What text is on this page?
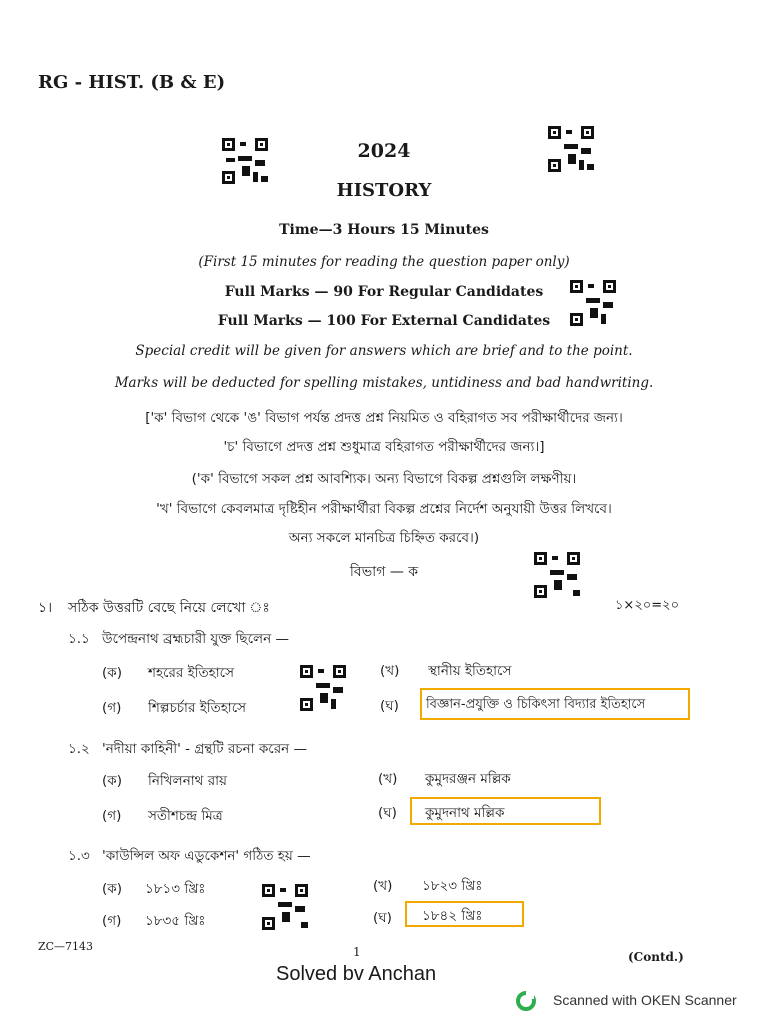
RG - HIST. (B & E)
2024
HISTORY
Time—3 Hours 15 Minutes
(First 15 minutes for reading the question paper only)
Full Marks — 90 For Regular Candidates
Full Marks — 100 For External Candidates
Special credit will be given for answers which are brief and to the point.
Marks will be deducted for spelling mistakes, untidiness and bad handwriting.
['ক' বিভাগ থেকে 'ঙ' বিভাগ পর্যন্ত প্রদত্ত প্রশ্ন নিয়মিত ও বহিরাগত সব পরীক্ষার্থীদের জন্য।
'চ' বিভাগে প্রদত্ত প্রশ্ন শুধুমাত্র বহিরাগত পরীক্ষার্থীদের জন্য।]
('ক' বিভাগে সকল প্রশ্ন আবশ্যিক। অন্য বিভাগে বিকল্প প্রশ্নগুলি লক্ষণীয়।
'খ' বিভাগে কেবলমাত্র দৃষ্টিহীন পরীক্ষার্থীরা বিকল্প প্রশ্নের নির্দেশ অনুযায়ী উত্তর লিখবে।
অন্য সকলে মানচিত্র চিহ্নিত করবে।)
বিভাগ — ক
১। সঠিক উত্তরটি বেছে নিয়ে লেখো ঃ	১×২০=২০
১.১ উপেন্দ্রনাথ ব্রহ্মচারী যুক্ত ছিলেন —
(ক) শহরের ইতিহাসে	(খ) স্থানীয় ইতিহাসে
(গ) শিল্পচর্চার ইতিহাসে	(ঘ) বিজ্ঞান-প্রযুক্তি ও চিকিৎসা বিদ্যার ইতিহাসে
১.২ 'নদীয়া কাহিনী' - গ্রন্থটি রচনা করেন —
(ক) নিখিলনাথ রায়	(খ) কুমুদরঞ্জন মল্লিক
(গ) সতীশচন্দ্র মিত্র	(ঘ) কুমুদনাথ মল্লিক
১.৩ 'কাউন্সিল অফ এডুকেশন' গঠিত হয় —
(ক) ১৮১৩ খ্রিঃ	(খ) ১৮২৩ খ্রিঃ
(গ) ১৮৩৫ খ্রিঃ	(ঘ) ১৮৪২ খ্রিঃ
ZC—7143	1	(Contd.)
Solved bv Anchan
Scanned with OKEN Scanner
